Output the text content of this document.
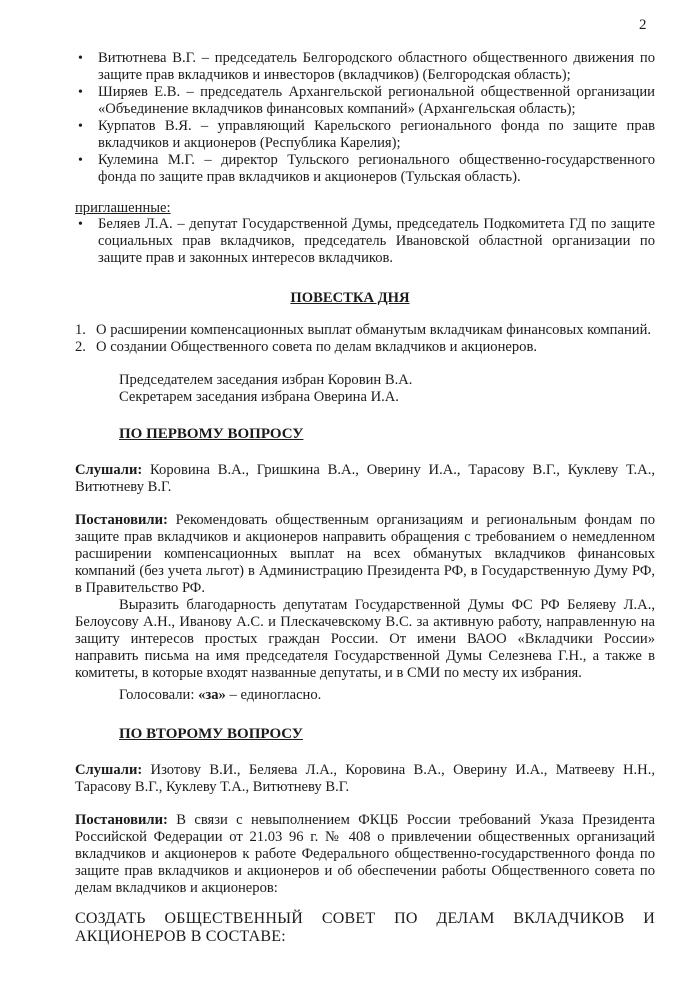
2
• Витютнева В.Г. – председатель Белгородского областного общественного движения по защите прав вкладчиков и инвесторов (вкладчиков) (Белгородская область);
• Ширяев Е.В. – председатель Архангельской региональной общественной организации «Объединение вкладчиков финансовых компаний» (Архангельская область);
• Курпатов В.Я. – управляющий Карельского регионального фонда по защите прав вкладчиков и акционеров (Республика Карелия);
• Кулемина М.Г. – директор Тульского регионального общественно-государственного фонда по защите прав вкладчиков и акционеров (Тульская область).
приглашенные:
• Беляев Л.А. – депутат Государственной Думы, председатель Подкомитета ГД по защите социальных прав вкладчиков, председатель Ивановской областной организации по защите прав и законных интересов вкладчиков.
ПОВЕСТКА ДНЯ
1. О расширении компенсационных выплат обманутым вкладчикам финансовых компаний.
2. О создании Общественного совета по делам вкладчиков и акционеров.
Председателем заседания избран Коровин В.А.
Секретарем заседания избрана Оверина И.А.
ПО ПЕРВОМУ ВОПРОСУ
Слушали: Коровина В.А., Гришкина В.А., Оверину И.А., Тарасову В.Г., Куклеву Т.А., Витютневу В.Г.
Постановили: Рекомендовать общественным организациям и региональным фондам по защите прав вкладчиков и акционеров направить обращения с требованием о немедленном расширении компенсационных выплат на всех обманутых вкладчиков финансовых компаний (без учета льгот) в Администрацию Президента РФ, в Государственную Думу РФ, в Правительство РФ.
Выразить благодарность депутатам Государственной Думы ФС РФ Беляеву Л.А., Белоусову А.Н., Иванову А.С. и Плескачевскому В.С. за активную работу, направленную на защиту интересов простых граждан России. От имени ВАОО «Вкладчики России» направить письма на имя председателя Государственной Думы Селезнева Г.Н., а также в комитеты, в которые входят названные депутаты, и в СМИ по месту их избрания.
Голосовали: «за» – единогласно.
ПО ВТОРОМУ ВОПРОСУ
Слушали: Изотову В.И., Беляева Л.А., Коровина В.А., Оверину И.А., Матвееву Н.Н., Тарасову В.Г., Куклеву Т.А., Витютневу В.Г.
Постановили: В связи с невыполнением ФКЦБ России требований Указа Президента Российской Федерации от 21.03 96 г. № 408 о привлечении общественных организаций вкладчиков и акционеров к работе Федерального общественно-государственного фонда по защите прав вкладчиков и акционеров и об обеспечении работы Общественного совета по делам вкладчиков и акционеров:
СОЗДАТЬ ОБЩЕСТВЕННЫЙ СОВЕТ ПО ДЕЛАМ ВКЛАДЧИКОВ И АКЦИОНЕРОВ В СОСТАВЕ:
